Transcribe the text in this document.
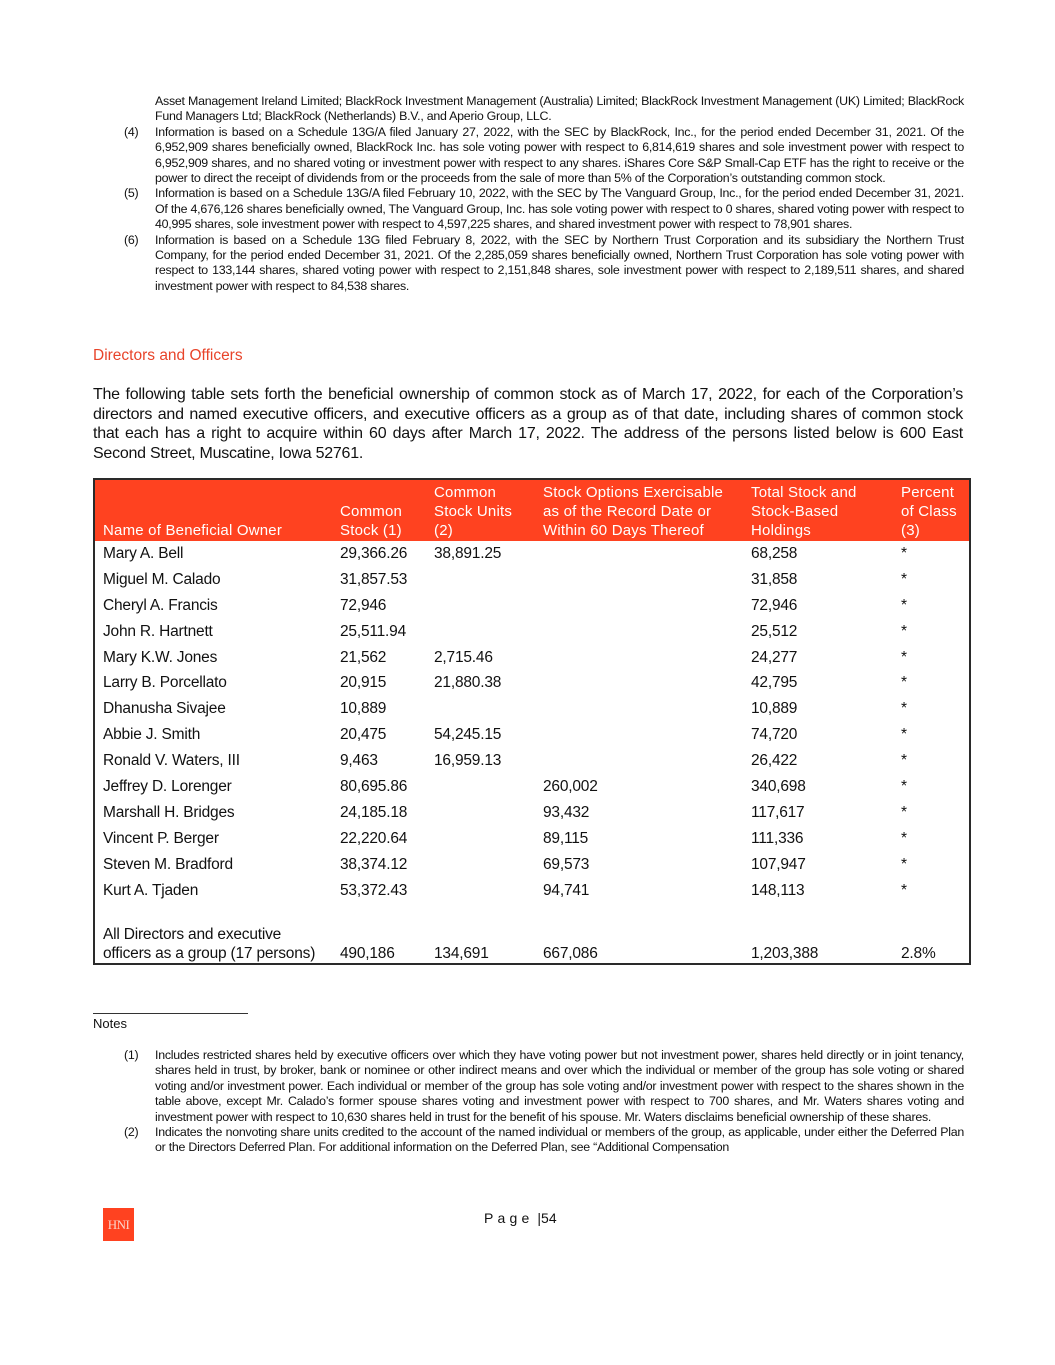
Asset Management Ireland Limited; BlackRock Investment Management (Australia) Limited; BlackRock Investment Management (UK) Limited; BlackRock Fund Managers Ltd; BlackRock (Netherlands) B.V., and Aperio Group, LLC.
(4)	Information is based on a Schedule 13G/A filed January 27, 2022, with the SEC by BlackRock, Inc., for the period ended December 31, 2021. Of the 6,952,909 shares beneficially owned, BlackRock Inc. has sole voting power with respect to 6,814,619 shares and sole investment power with respect to 6,952,909 shares, and no shared voting or investment power with respect to any shares. iShares Core S&P Small-Cap ETF has the right to receive or the power to direct the receipt of dividends from or the proceeds from the sale of more than 5% of the Corporation’s outstanding common stock.
(5)	Information is based on a Schedule 13G/A filed February 10, 2022, with the SEC by The Vanguard Group, Inc., for the period ended December 31, 2021. Of the 4,676,126 shares beneficially owned, The Vanguard Group, Inc. has sole voting power with respect to 0 shares, shared voting power with respect to 40,995 shares, sole investment power with respect to 4,597,225 shares, and shared investment power with respect to 78,901 shares.
(6)	Information is based on a Schedule 13G filed February 8, 2022, with the SEC by Northern Trust Corporation and its subsidiary the Northern Trust Company, for the period ended December 31, 2021. Of the 2,285,059 shares beneficially owned, Northern Trust Corporation has sole voting power with respect to 133,144 shares, shared voting power with respect to 2,151,848 shares, sole investment power with respect to 2,189,511 shares, and shared investment power with respect to 84,538 shares.
Directors and Officers
The following table sets forth the beneficial ownership of common stock as of March 17, 2022, for each of the Corporation’s directors and named executive officers, and executive officers as a group as of that date, including shares of common stock that each has a right to acquire within 60 days after March 17, 2022. The address of the persons listed below is 600 East Second Street, Muscatine, Iowa 52761.
Name of Beneficial Owner	Common Stock (1)	Common Stock Units (2)	Stock Options Exercisable as of the Record Date or Within 60 Days Thereof	Total Stock and Stock-Based Holdings	Percent of Class (3)
Mary A. Bell	29,366.26	38,891.25		68,258	*
Miguel M. Calado	31,857.53			31,858	*
Cheryl A. Francis	72,946			72,946	*
John R. Hartnett	25,511.94			25,512	*
Mary K.W. Jones	21,562	2,715.46		24,277	*
Larry B. Porcellato	20,915	21,880.38		42,795	*
Dhanusha Sivajee	10,889			10,889	*
Abbie J. Smith	20,475	54,245.15		74,720	*
Ronald V. Waters, III	9,463	16,959.13		26,422	*
Jeffrey D. Lorenger	80,695.86		260,002	340,698	*
Marshall H. Bridges	24,185.18		93,432	117,617	*
Vincent P. Berger	22,220.64		89,115	111,336	*
Steven M. Bradford	38,374.12		69,573	107,947	*
Kurt A. Tjaden	53,372.43		94,741	148,113	*
All Directors and executive officers as a group (17 persons)	490,186	134,691	667,086	1,203,388	2.8%
Notes
(1)	Includes restricted shares held by executive officers over which they have voting power but not investment power, shares held directly or in joint tenancy, shares held in trust, by broker, bank or nominee or other indirect means and over which the individual or member of the group has sole voting or shared voting and/or investment power. Each individual or member of the group has sole voting and/or investment power with respect to the shares shown in the table above, except Mr. Calado’s former spouse shares voting and investment power with respect to 700 shares, and Mr. Waters shares voting and investment power with respect to 10,630 shares held in trust for the benefit of his spouse. Mr. Waters disclaims beneficial ownership of these shares.
(2)	Indicates the nonvoting share units credited to the account of the named individual or members of the group, as applicable, under either the Deferred Plan or the Directors Deferred Plan. For additional information on the Deferred Plan, see “Additional Compensation
HNI	Page |54
